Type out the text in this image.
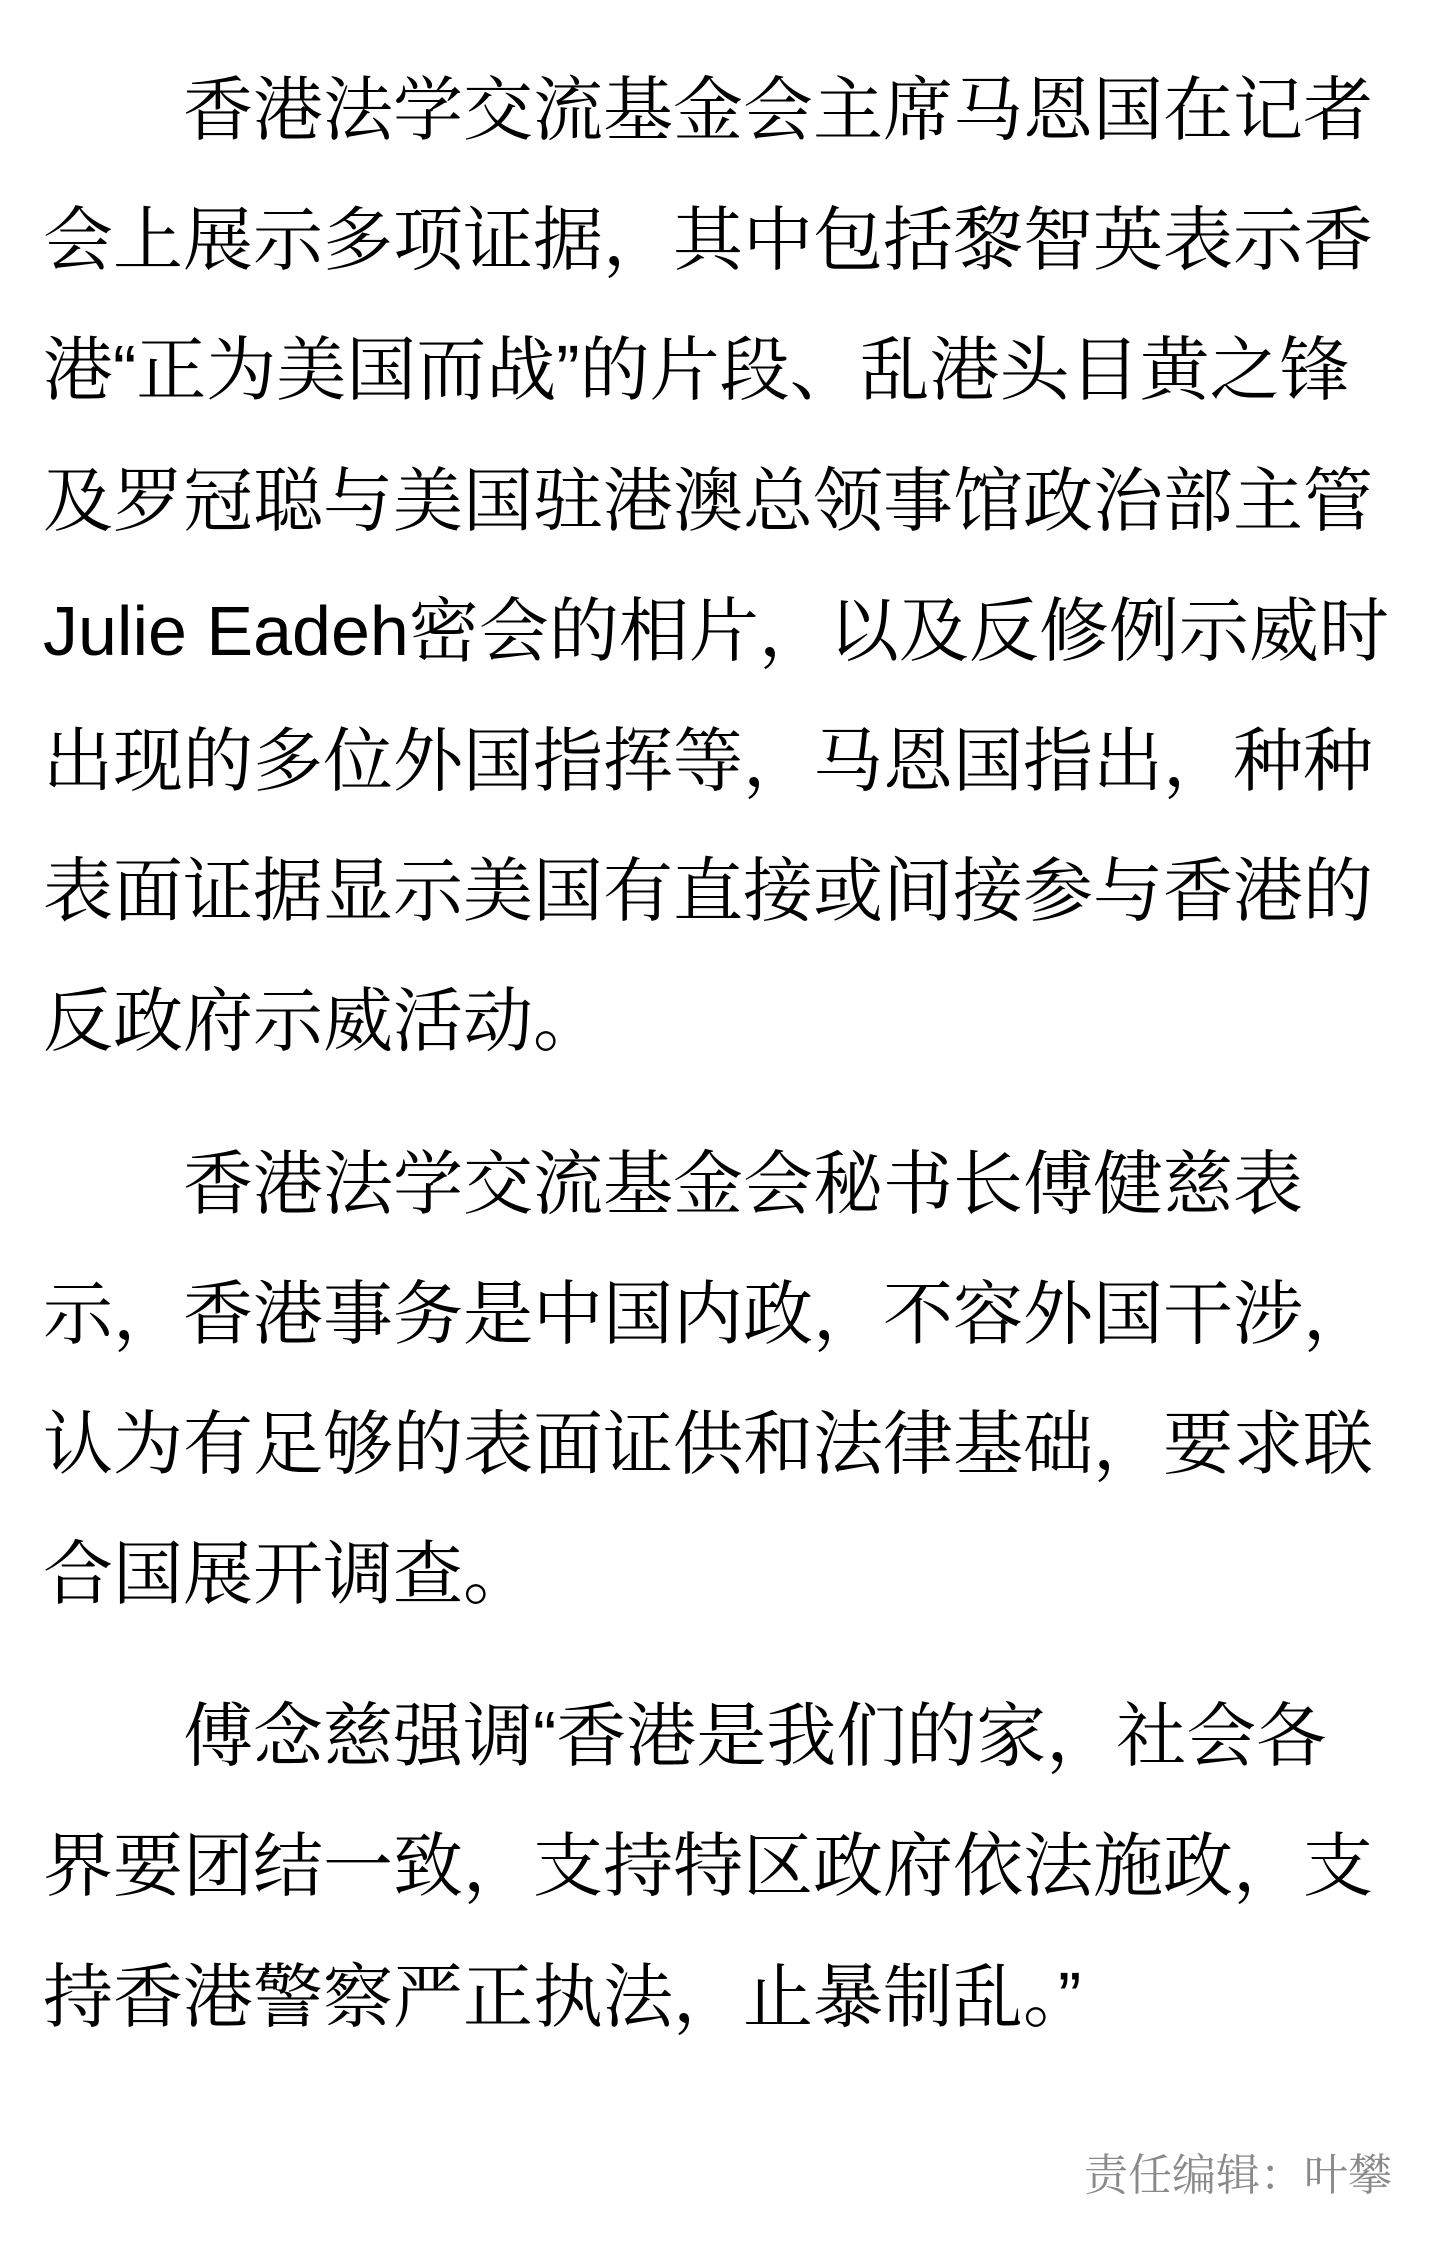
香港法学交流基金会主席马恩国在记者会上展示多项证据，其中包括黎智英表示香港“正为美国而战”的片段、乱港头目黄之锋及罗冠聪与美国驻港澳总领事馆政治部主管Julie Eadeh密会的相片，以及反修例示威时出现的多位外国指挥等，马恩国指出，种种表面证据显示美国有直接或间接参与香港的反政府示威活动。

香港法学交流基金会秘书长傅健慈表示，香港事务是中国内政，不容外国干涉，认为有足够的表面证供和法律基础，要求联合国展开调查。

傅念慈强调“香港是我们的家，社会各界要团结一致，支持特区政府依法施政，支持香港警察严正执法，止暴制乱。”

责任编辑：叶攀
